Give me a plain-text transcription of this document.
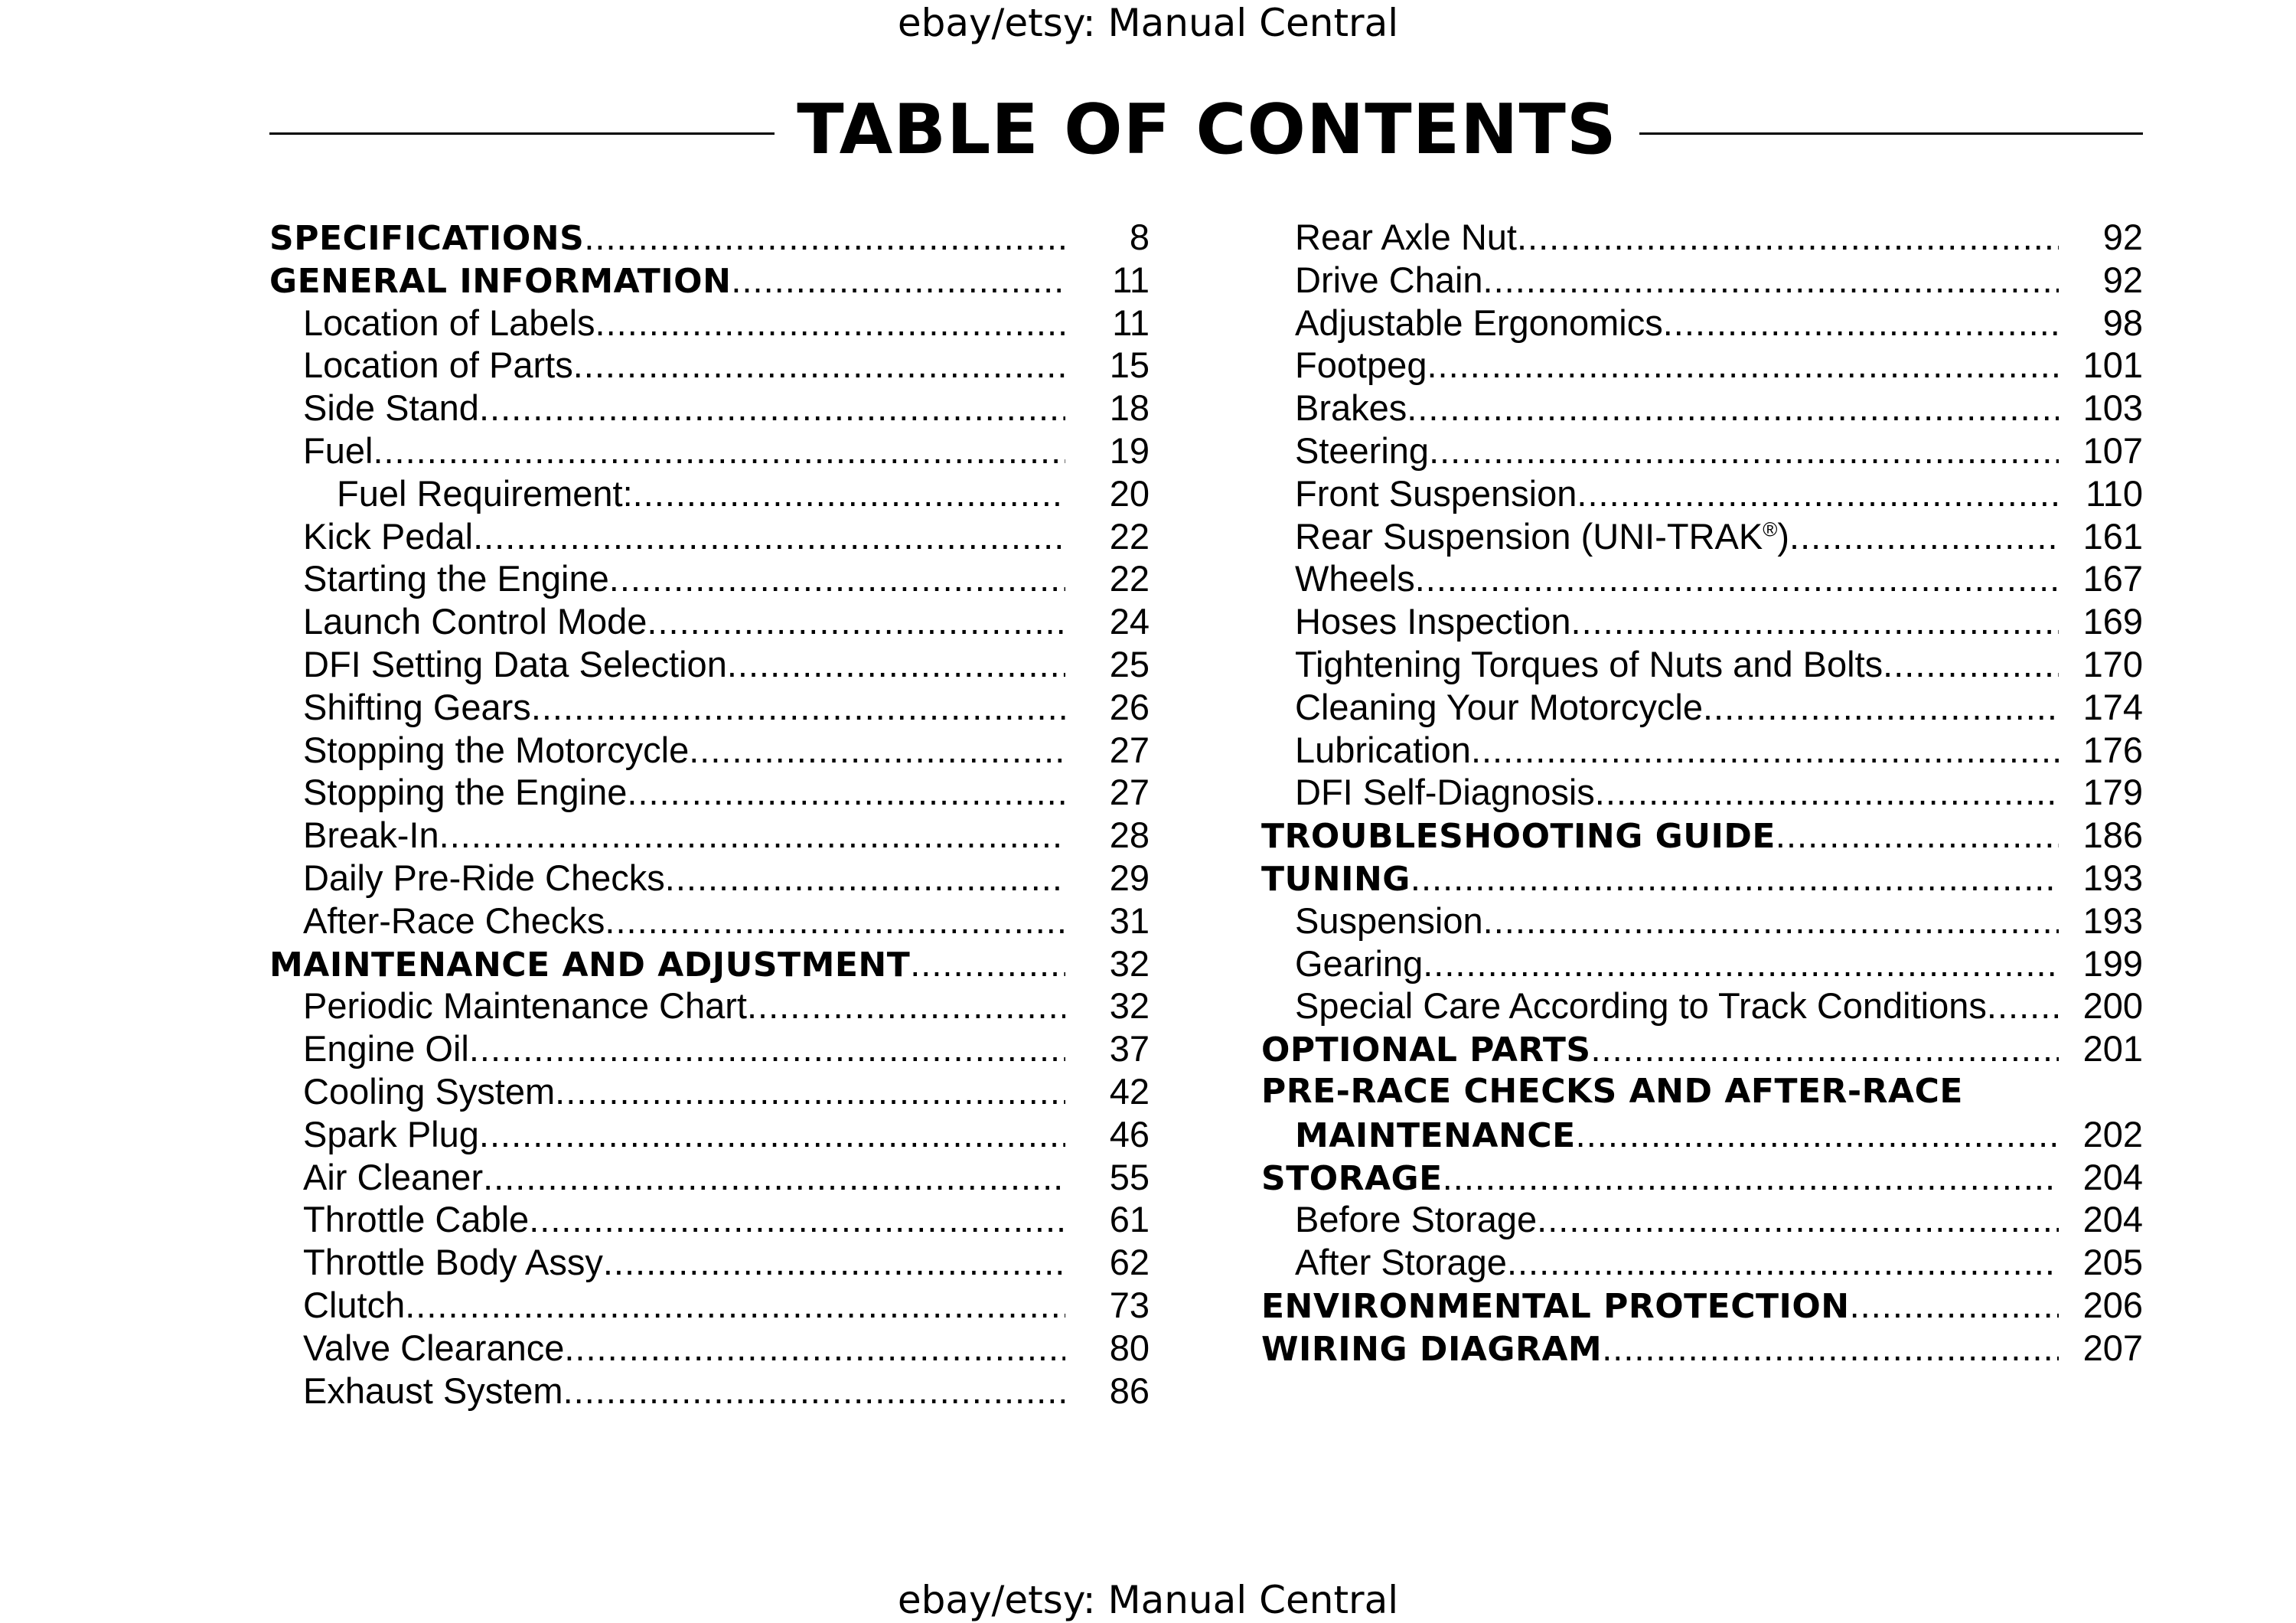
ebay/etsy: Manual Central
TABLE OF CONTENTS
SPECIFICATIONS .....	8
GENERAL INFORMATION .....	11
Location of Labels .....	11
Location of Parts .....	15
Side Stand .....	18
Fuel .....	19
Fuel Requirement: .....	20
Kick Pedal .....	22
Starting the Engine .....	22
Launch Control Mode .....	24
DFI Setting Data Selection .....	25
Shifting Gears .....	26
Stopping the Motorcycle .....	27
Stopping the Engine .....	27
Break-In .....	28
Daily Pre-Ride Checks .....	29
After-Race Checks .....	31
MAINTENANCE AND ADJUSTMENT .....	32
Periodic Maintenance Chart .....	32
Engine Oil .....	37
Cooling System .....	42
Spark Plug .....	46
Air Cleaner .....	55
Throttle Cable .....	61
Throttle Body Assy .....	62
Clutch .....	73
Valve Clearance .....	80
Exhaust System .....	86
Rear Axle Nut .....	92
Drive Chain .....	92
Adjustable Ergonomics .....	98
Footpeg .....	101
Brakes .....	103
Steering .....	107
Front Suspension .....	110
Rear Suspension (UNI-TRAK®) .....	161
Wheels .....	167
Hoses Inspection .....	169
Tightening Torques of Nuts and Bolts .....	170
Cleaning Your Motorcycle .....	174
Lubrication .....	176
DFI Self-Diagnosis .....	179
TROUBLESHOOTING GUIDE .....	186
TUNING .....	193
Suspension .....	193
Gearing .....	199
Special Care According to Track Conditions .....	200
OPTIONAL PARTS .....	201
PRE-RACE CHECKS AND AFTER-RACE
MAINTENANCE .....	202
STORAGE .....	204
Before Storage .....	204
After Storage .....	205
ENVIRONMENTAL PROTECTION .....	206
WIRING DIAGRAM .....	207
ebay/etsy: Manual Central
